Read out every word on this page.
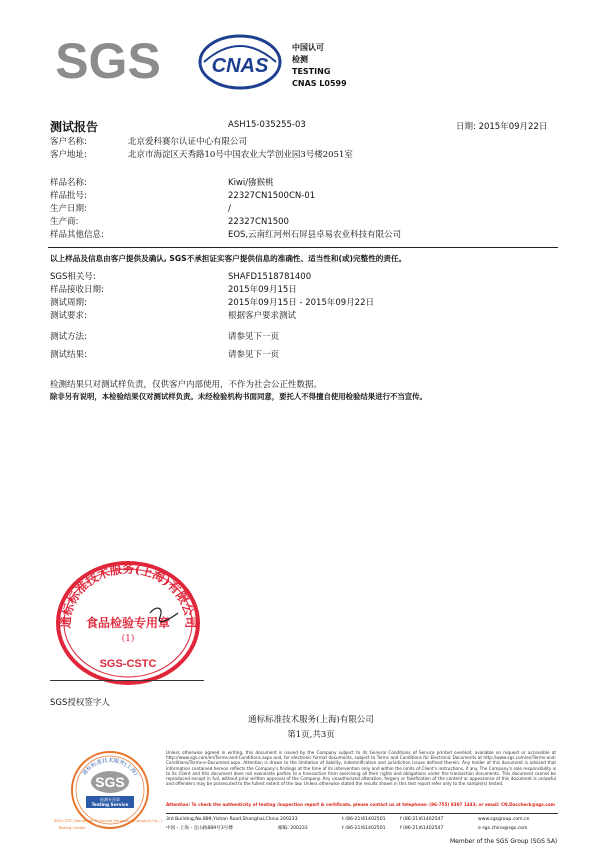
SGS	CNAS
中国认可
检测
TESTING
CNAS L0599
测试报告	ASH15-035255-03	日期: 2015年09月22日
客户名称:	北京爱科赛尔认证中心有限公司
客户地址:	北京市海淀区天秀路10号中国农业大学创业园3号楼2051室
样品名称:	Kiwi/猕猴桃
样品批号:	22327CN1500CN-01
生产日期:	/
生产商:	22327CN1500
样品其他信息:	EOS,云南红河州石屏县卓易农业科技有限公司
以上样品及信息由客户提供及确认, SGS不承担证实客户提供信息的准确性、适当性和(或)完整性的责任。
SGS相关号:	SHAFD1518781400
样品接收日期:	2015年09月15日
测试周期:	2015年09月15日 - 2015年09月22日
测试要求:	根据客户要求测试
测试方法:	请参见下一页
测试结果:	请参见下一页
检测结果只对测试样负责，仅供客户内部使用，不作为社会公正性数据。
除非另有说明，本检验结果仅对测试样负责。未经检验机构书面同意，要托人不得擅自使用检验结果进行不当宣传。
通标标准技术服务(上海)有限公司
食品检验专用章
(1)
SGS-CSTC
SGS授权签字人
通标标准技术服务(上海)有限公司
第1页,共3页
通标标准技术服务(上海)
SGS
检测专用章
Testing Service
SGS-CSTC Standards Technical Services (Shanghai) Co., Ltd.
Testing Center
Unless otherwise agreed in writing, this document is issued by the Company subject to its General Conditions of Service printed overleaf, available on request or accessible at http://www.sgs.com/en/Terms-and-Conditions.aspx and, for electronic format documents, subject to Terms and Conditions for Electronic Documents at http://www.sgs.com/en/Terms-and-Conditions/Terms-e-Document.aspx. Attention is drawn to the limitation of liability, indemnification and jurisdiction issues defined therein. Any holder of this document is advised that information contained hereon reflects the Company's findings at the time of its intervention only and within the limits of Client's instructions, if any. The Company's sole responsibility is to its Client and this document does not exonerate parties to a transaction from exercising all their rights and obligations under the transaction documents. This document cannot be reproduced except in full, without prior written approval of the Company. Any unauthorized alteration, forgery or falsification of the content or appearance of this document is unlawful and offenders may be prosecuted to the fullest extent of the law. Unless otherwise stated the results shown in this test report refer only to the sample(s) tested.
Attention: To check the authenticity of testing /inspection report & certificate, please contact us at telephone: (86-755) 8307 1443, or email: CN.Doccheck@sgs.com
3rd Building,No.889,Yishan Road,Shanghai,China 200233	t (86-21)61402501	f (86-21)61402547	www.sgsgroup.com.cn
中国・上海・宜山路889号3号楼	邮编: 200233	t (86-21)61402501	f (86-21)61402547	e sgs.china@sgs.com
Member of the SGS Group (SGS SA)
